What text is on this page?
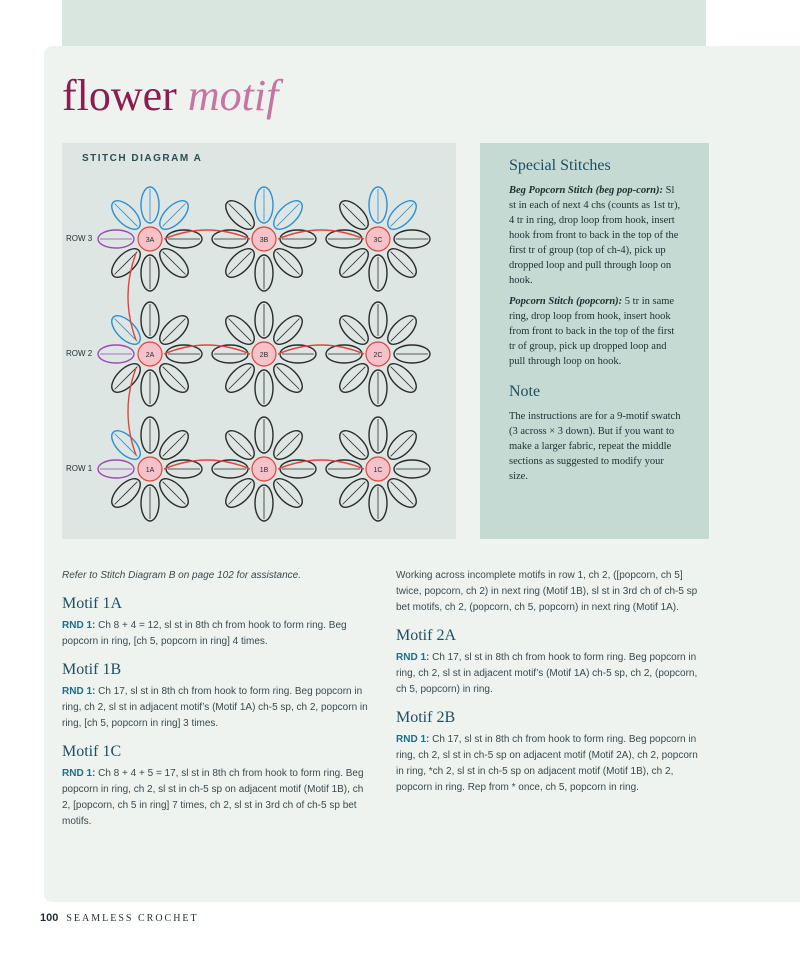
flower motif
STITCH DIAGRAM A
ROW 3
ROW 2
ROW 1
3A	3B	3C
2A	2B	2C
1A	1B	1C
Special Stitches

Beg Popcorn Stitch (beg pop-corn): Sl st in each of next 4 chs (counts as 1st tr), 4 tr in ring, drop loop from hook, insert hook from front to back in the top of the first tr of group (top of ch-4), pick up dropped loop and pull through loop on hook.

Popcorn Stitch (popcorn): 5 tr in same ring, drop loop from hook, insert hook from front to back in the top of the first tr of group, pick up dropped loop and pull through loop on hook.

Note

The instructions are for a 9-motif swatch (3 across × 3 down). But if you want to make a larger fabric, repeat the middle sections as suggested to modify your size.

Refer to Stitch Diagram B on page 102 for assistance.

Motif 1A

RND 1: Ch 8 + 4 = 12, sl st in 8th ch from hook to form ring. Beg popcorn in ring, [ch 5, popcorn in ring] 4 times.

Motif 1B

RND 1: Ch 17, sl st in 8th ch from hook to form ring. Beg popcorn in ring, ch 2, sl st in adjacent motif’s (Motif 1A) ch-5 sp, ch 2, popcorn in ring, [ch 5, popcorn in ring] 3 times.

Motif 1C

RND 1: Ch 8 + 4 + 5 = 17, sl st in 8th ch from hook to form ring. Beg popcorn in ring, ch 2, sl st in ch-5 sp on adjacent motif (Motif 1B), ch 2, [popcorn, ch 5 in ring] 7 times, ch 2, sl st in 3rd ch of ch-5 sp bet motifs.

Working across incomplete motifs in row 1, ch 2, ([popcorn, ch 5] twice, popcorn, ch 2) in next ring (Motif 1B), sl st in 3rd ch of ch-5 sp bet motifs, ch 2, (popcorn, ch 5, popcorn) in next ring (Motif 1A).

Motif 2A

RND 1: Ch 17, sl st in 8th ch from hook to form ring. Beg popcorn in ring, ch 2, sl st in adjacent motif’s (Motif 1A) ch-5 sp, ch 2, (popcorn, ch 5, popcorn) in ring.

Motif 2B

RND 1: Ch 17, sl st in 8th ch from hook to form ring. Beg popcorn in ring, ch 2, sl st in ch-5 sp on adjacent motif (Motif 2A), ch 2, popcorn in ring, *ch 2, sl st in ch-5 sp on adjacent motif (Motif 1B), ch 2, popcorn in ring. Rep from * once, ch 5, popcorn in ring.

100 SEAMLESS CROCHET
